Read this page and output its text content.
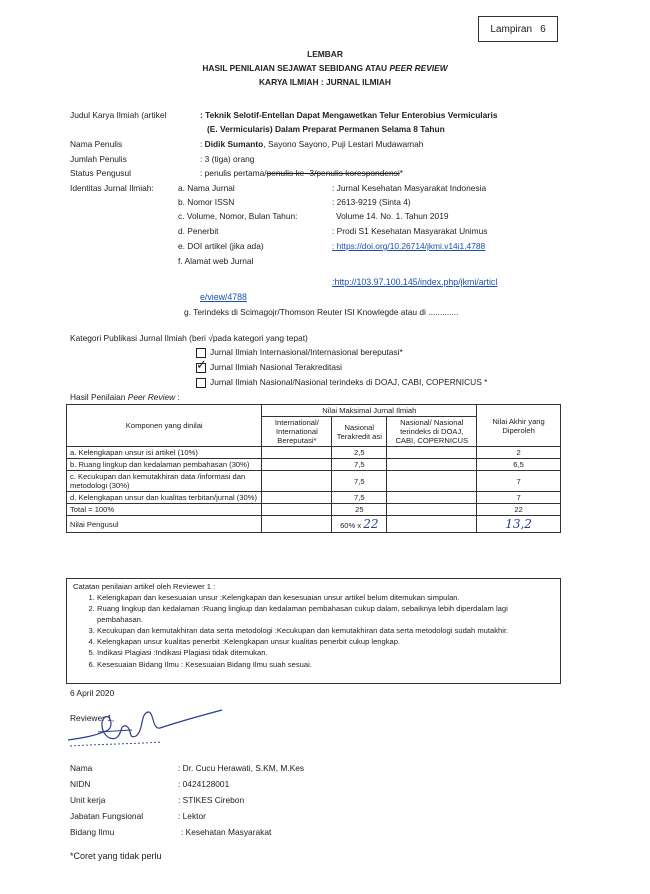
Lampiran 6
LEMBAR
HASIL PENILAIAN SEJAWAT SEBIDANG ATAU PEER REVIEW
KARYA ILMIAH : JURNAL ILMIAH
Judul Karya Ilmiah (artikel	: Teknik Selotif-Entellan Dapat Mengawetkan Telur Enterobius Vermicularis
(E. Vermicularis) Dalam Preparat Permanen Selama 8 Tahun
Nama Penulis	: Didik Sumanto, Sayono Sayono, Puji Lestari Mudawamah
Jumlah Penulis	: 3 (tiga) orang
Status Pengusul	: penulis pertama/penulis ke -3/penulis korespondensi*
Identitas Jurnal Ilmiah:	a. Nama Jurnal	: Jurnal Kesehatan Masyarakat Indonesia
b. Nomor ISSN	: 2613-9219 (Sinta 4)
c. Volume, Nomor, Bulan Tahun:	Volume 14. No. 1. Tahun 2019
d. Penerbit	: Prodi S1 Kesehatan Masyarakat Unimus
e. DOI artikel (jika ada)	: https://doi.org/10.26714/jkmi.v14i1.4788
f. Alamat web Jurnal
:http://103.97.100.145/index.php/jkmi/articl
e/view/4788
g. Terindeks di Scimagojr/Thomson Reuter ISI Knowlegde atau di .............
Kategori Publikasi Jurnal Ilmiah (beri √pada kategori yang tepat)
Jurnal Ilmiah Internasional/Internasional bereputasi*
✓ Jurnal Ilmiah Nasional Terakreditasi
Jurnal Ilmiah Nasional/Nasional terindeks di DOAJ, CABI, COPERNICUS *
Hasil Penilaian Peer Review :
Komponen yang dinilai	Nilai Maksimal Jurnal Ilmiah			Nilai Akhir yang Diperoleh
	International/ International Bereputasi*	Nasional Terakredit asi	Nasional/ Nasional terindeks di DOAJ, CABI, COPERNICUS	
a. Kelengkapan unsur isi artikel (10%)		2,5		2
b. Ruang lingkup dan kedalaman pembahasan (30%)		7,5		6,5
c. Kecukupan dan kemutakhiran data /informasi dan metodologi (30%)		7,5		7
d. Kelengkapan unsur dan kualitas terbitan/jurnal (30%)		7,5		7
Total = 100%		25		22
Nilai Pengusul		60% x 22		13,2
Catatan penilaian artikel oleh Reviewer 1 :
1. Kelengkapan dan kesesuaian unsur :Kelengkapan dan kesesuaian unsur artikel belum ditemukan simpulan.
2. Ruang lingkup dan kedalaman :Ruang lingkup dan kedalaman pembahasan cukup dalam, sebaiknya lebih diperdalam lagi pembahasan.
3. Kecukupan dan kemutakhiran data serta metodologi :Kecukupan dan kemutakhiran data serta metodologi sudah mutakhir.
4. Kelengkapan unsur kualitas penerbit :Kelengkapan unsur kualitas penerbit cukup lengkap.
5. Indikasi Plagiasi :Indikasi Plagiasi tidak ditemukan.
6. Kesesuaian Bidang Ilmu : Kesesuaian Bidang Ilmu suah sesuai.
6 April 2020
Reviewer 1,
Nama	: Dr. Cucu Herawati, S.KM, M.Kes
NIDN	: 0424128001
Unit kerja	: STIKES Cirebon
Jabatan Fungsional	: Lektor
Bidang Ilmu	: Kesehatan Masyarakat
*Coret yang tidak perlu
